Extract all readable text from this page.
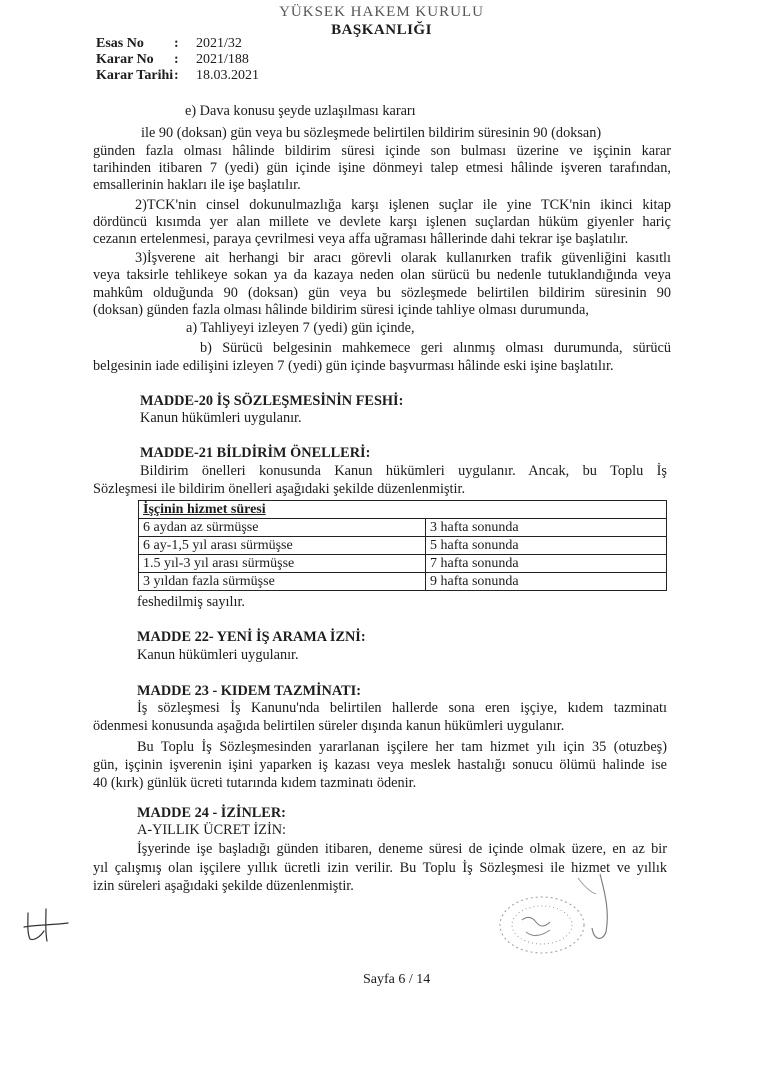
YÜKSEK HAKEM KURULU
BAŞKANLIĞI
Esas No : 2021/32
Karar No : 2021/188
Karar Tarihi: 18.03.2021
e) Dava konusu şeyde uzlaşılması kararı
ile 90 (doksan) gün veya bu sözleşmede belirtilen bildirim süresinin 90 (doksan)
günden fazla olması hâlinde bildirim süresi içinde son bulması üzerine ve işçinin karar
tarihinden itibaren 7 (yedi) gün içinde işine dönmeyi talep etmesi hâlinde işveren tarafından,
emsallerinin hakları ile işe başlatılır.
2)TCK'nin cinsel dokunulmazlığa karşı işlenen suçlar ile yine TCK'nin ikinci kitap
dördüncü kısımda yer alan millete ve devlete karşı işlenen suçlardan hüküm giyenler hariç
cezanın ertelenmesi, paraya çevrilmesi veya affa uğraması hâllerinde dahi tekrar işe başlatılır.
3)İşverene ait herhangi bir aracı görevli olarak kullanırken trafik güvenliğini kasıtlı
veya taksirle tehlikeye sokan ya da kazaya neden olan sürücü bu nedenle tutuklandığında veya
mahkûm olduğunda 90 (doksan) gün veya bu sözleşmede belirtilen bildirim süresinin 90
(doksan) günden fazla olması hâlinde bildirim süresi içinde tahliye olması durumunda,
a) Tahliyeyi izleyen 7 (yedi) gün içinde,
b) Sürücü belgesinin mahkemece geri alınmış olması durumunda, sürücü
belgesinin iade edilişini izleyen 7 (yedi) gün içinde başvurması hâlinde eski işine başlatılır.
MADDE-20 İŞ SÖZLEŞMESİNİN FESHİ:
Kanun hükümleri uygulanır.
MADDE-21 BİLDİRİM ÖNELLERİ:
Bildirim önelleri konusunda Kanun hükümleri uygulanır. Ancak, bu Toplu İş
Sözleşmesi ile bildirim önelleri aşağıdaki şekilde düzenlenmiştir.
İşçinin hizmet süresi	
6 aydan az sürmüşse	3 hafta sonunda
6 ay-1,5 yıl arası sürmüşse	5 hafta sonunda
1.5 yıl-3 yıl arası sürmüşse	7 hafta sonunda
3 yıldan fazla sürmüşse	9 hafta sonunda
feshedilmiş sayılır.
MADDE 22- YENİ İŞ ARAMA İZNİ:
Kanun hükümleri uygulanır.
MADDE 23 - KIDEM TAZMİNATI:
İş sözleşmesi İş Kanunu'nda belirtilen hallerde sona eren işçiye, kıdem tazminatı
ödenmesi konusunda aşağıda belirtilen süreler dışında kanun hükümleri uygulanır.
Bu Toplu İş Sözleşmesinden yararlanan işçilere her tam hizmet yılı için 35 (otuzbeş)
gün, işçinin işverenin işini yaparken iş kazası veya meslek hastalığı sonucu ölümü halinde ise
40 (kırk) günlük ücreti tutarında kıdem tazminatı ödenir.
MADDE 24 - İZİNLER:
A-YILLIK ÜCRET İZİN:
İşyerinde işe başladığı günden itibaren, deneme süresi de içinde olmak üzere, en az bir
yıl çalışmış olan işçilere yıllık ücretli izin verilir. Bu Toplu İş Sözleşmesi ile hizmet ve yıllık
izin süreleri aşağıdaki şekilde düzenlenmiştir.
Sayfa 6 / 14
